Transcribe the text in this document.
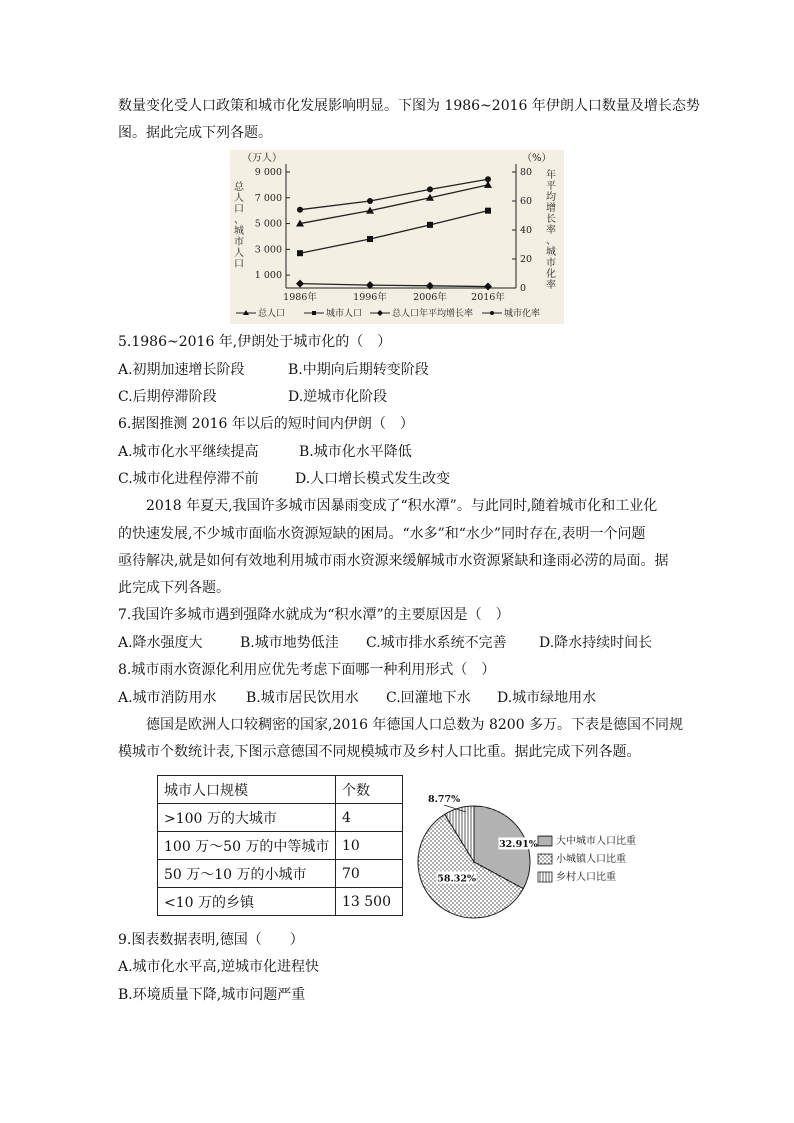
数量变化受人口政策和城市化发展影响明显。下图为 1986~2016 年伊朗人口数量及增长态势
图。据此完成下列各题。
（万人）	（%）
总
人
口
、
城
市
人
口
年
平
均
增
长
率
、
城
市
化
率
9 000
7 000
5 000
3 000
1 000
80
60
40
20
0
1986年	1996年	2006年	2016年
总人口	城市人口	总人口年平均增长率	城市化率
5.1986~2016 年,伊朗处于城市化的（　）
A.初期加速增长阶段	B.中期向后期转变阶段
C.后期停滞阶段	D.逆城市化阶段
6.据图推测 2016 年以后的短时间内伊朗（　）
A.城市化水平继续提高	B.城市化水平降低
C.城市化进程停滞不前	D.人口增长模式发生改变
2018 年夏天,我国许多城市因暴雨变成了“积水潭”。与此同时,随着城市化和工业化
的快速发展,不少城市面临水资源短缺的困局。“水多”和“水少”同时存在,表明一个问题
亟待解决,就是如何有效地利用城市雨水资源来缓解城市水资源紧缺和逢雨必涝的局面。据
此完成下列各题。
7.我国许多城市遇到强降水就成为“积水潭”的主要原因是（　）
A.降水强度大	B.城市地势低洼 C.城市排水系统不完善 D.降水持续时间长
8.城市雨水资源化利用应优先考虑下面哪一种利用形式（　）
A.城市消防用水 B.城市居民饮用水 C.回灌地下水 D.城市绿地用水
德国是欧洲人口较稠密的国家,2016 年德国人口总数为 8200 多万。下表是德国不同规
模城市个数统计表,下图示意德国不同规模城市及乡村人口比重。据此完成下列各题。
城市人口规模	个数
>100 万的大城市	4
100 万～50 万的中等城市	10
50 万～10 万的小城市	70
<10 万的乡镇	13 500
32.91%
58.32%
8.77%
大中城市人口比重
小城镇人口比重
乡村人口比重
9.图表数据表明,德国（　　）
A.城市化水平高,逆城市化进程快
B.环境质量下降,城市问题严重
